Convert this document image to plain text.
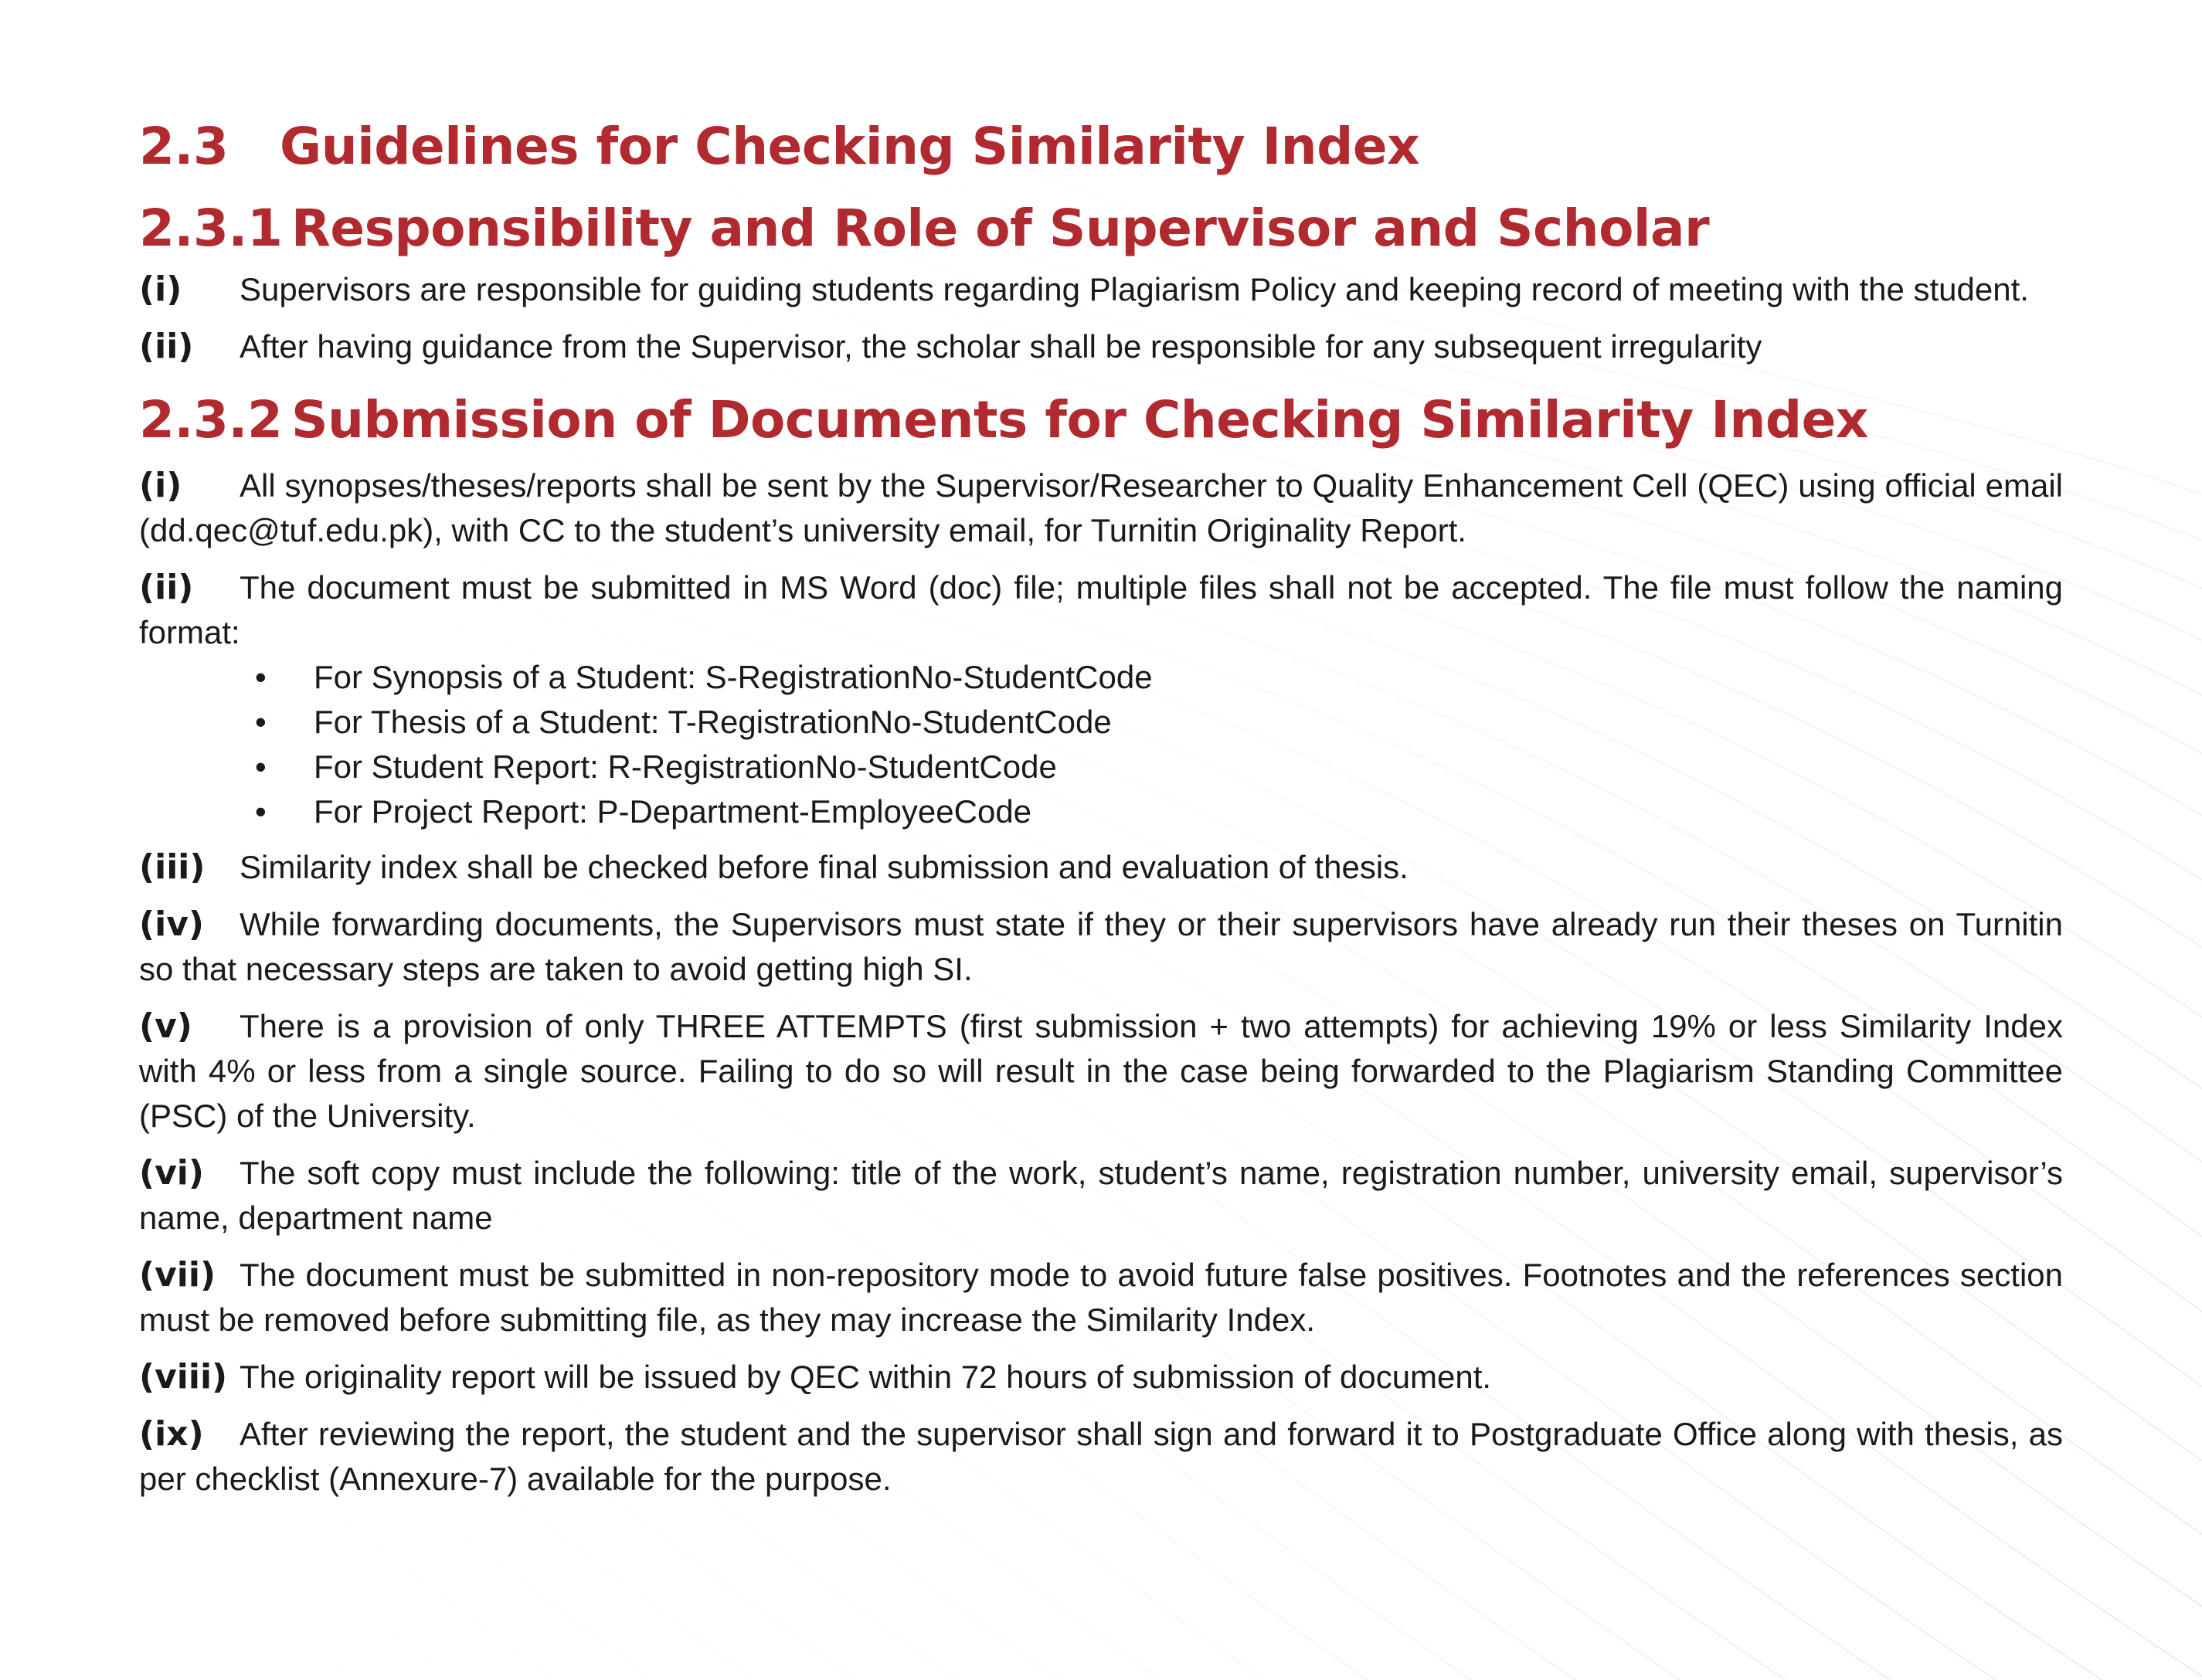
2.3 Guidelines for Checking Similarity Index
2.3.1 Responsibility and Role of Supervisor and Scholar

(i) Supervisors are responsible for guiding students regarding Plagiarism Policy and keeping record of meeting with the student.

(ii) After having guidance from the Supervisor, the scholar shall be responsible for any subsequent irregularity

2.3.2 Submission of Documents for Checking Similarity Index

(i) All synopses/theses/reports shall be sent by the Supervisor/Researcher to Quality Enhancement Cell (QEC) using official email (dd.qec@tuf.edu.pk), with CC to the student’s university email, for Turnitin Originality Report.

(ii) The document must be submitted in MS Word (doc) file; multiple files shall not be accepted. The file must follow the naming format:

• For Synopsis of a Student: S-RegistrationNo-StudentCode
• For Thesis of a Student: T-RegistrationNo-StudentCode
• For Student Report: R-RegistrationNo-StudentCode
• For Project Report: P-Department-EmployeeCode

(iii) Similarity index shall be checked before final submission and evaluation of thesis.

(iv) While forwarding documents, the Supervisors must state if they or their supervisors have already run their theses on Turnitin so that necessary steps are taken to avoid getting high SI.

(v) There is a provision of only THREE ATTEMPTS (first submission + two attempts) for achieving 19% or less Similarity Index with 4% or less from a single source. Failing to do so will result in the case being forwarded to the Plagiarism Standing Committee (PSC) of the University.

(vi) The soft copy must include the following: title of the work, student’s name, registration number, university email, supervisor’s name, department name

(vii) The document must be submitted in non-repository mode to avoid future false positives. Footnotes and the references section must be removed before submitting file, as they may increase the Similarity Index.

(viii) The originality report will be issued by QEC within 72 hours of submission of document.

(ix) After reviewing the report, the student and the supervisor shall sign and forward it to Postgraduate Office along with thesis, as per checklist (Annexure-7) available for the purpose.
